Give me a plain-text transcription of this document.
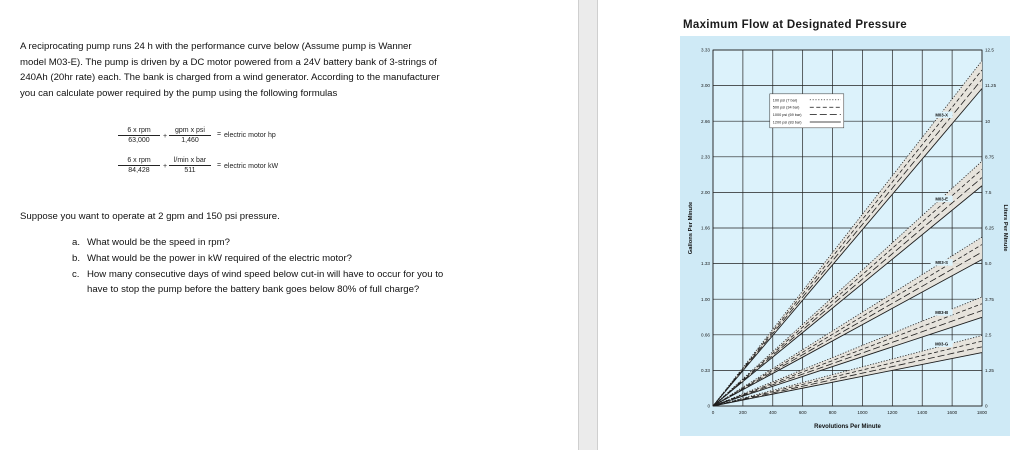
A reciprocating pump runs 24 h with the performance curve below (Assume pump is Wanner model M03-E). The pump is driven by a DC motor powered from a 24V battery bank of 3-strings of 240Ah (20hr rate) each. The bank is charged from a wind generator. According to the manufacturer you can calculate power required by the pump using the following formulas
6 x rpm
63,000
+
gpm x psi
1,460
= electric motor hp
6 x rpm
84,428
+
l/min x bar
511
= electric motor kW
Suppose you want to operate at 2 gpm and 150 psi pressure.
a. What would be the speed in rpm?
b. What would be the power in kW required of the electric motor?
c. How many consecutive days of wind speed below cut-in will have to occur for you to have to stop the pump before the battery bank goes below 80% of full charge?
Maximum Flow at Designated Pressure
M03-X
M03-E
M03-S
M03-B
M03-G
0	200	400	600	800	1000	1200	1400	1600	1800
0
0.33
0.66
1.00
1.33
1.66
2.00
2.33
2.66
3.00
3.33
0
1.25
2.5
3.75
5.0
6.25
7.5
8.75
10
11.25
12.5
Revolutions Per Minute
Gallons Per Minute	Liters Per Minute
100 psi (7 bar)
500 psi (34 bar)
1000 psi (69 bar)
1200 psi (83 bar)
